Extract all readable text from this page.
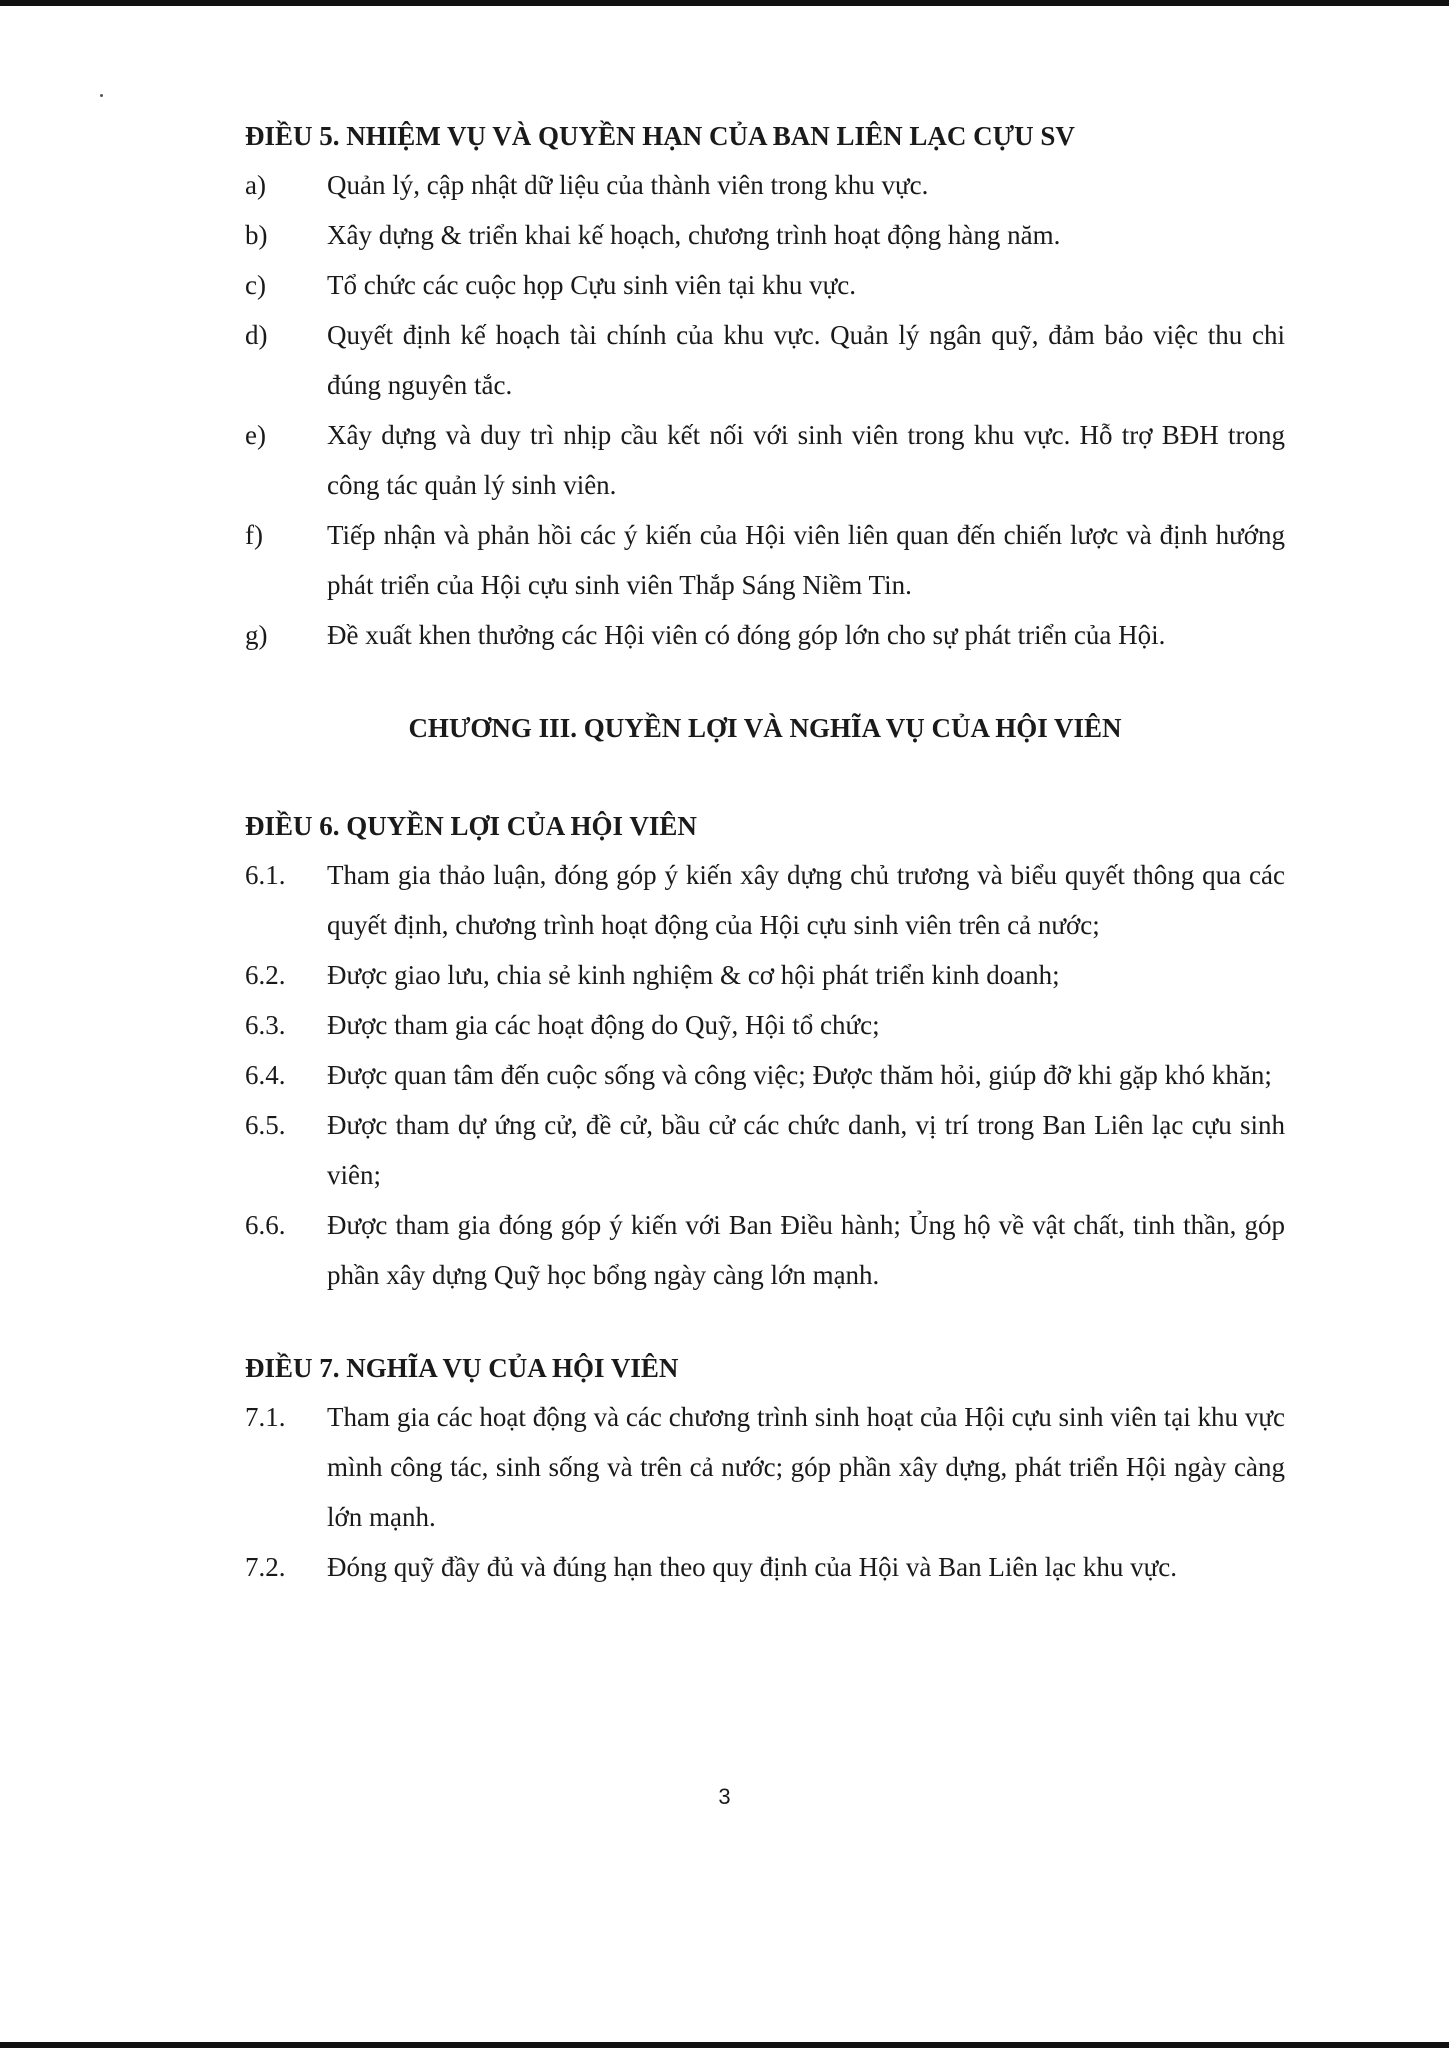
ĐIỀU 5. NHIỆM VỤ VÀ QUYỀN HẠN CỦA BAN LIÊN LẠC CỰU SV
a)	Quản lý, cập nhật dữ liệu của thành viên trong khu vực.
b)	Xây dựng & triển khai kế hoạch, chương trình hoạt động hàng năm.
c)	Tổ chức các cuộc họp Cựu sinh viên tại khu vực.
d)	Quyết định kế hoạch tài chính của khu vực. Quản lý ngân quỹ, đảm bảo việc thu chi đúng nguyên tắc.
e)	Xây dựng và duy trì nhịp cầu kết nối với sinh viên trong khu vực. Hỗ trợ BĐH trong công tác quản lý sinh viên.
f)	Tiếp nhận và phản hồi các ý kiến của Hội viên liên quan đến chiến lược và định hướng phát triển của Hội cựu sinh viên Thắp Sáng Niềm Tin.
g)	Đề xuất khen thưởng các Hội viên có đóng góp lớn cho sự phát triển của Hội.
CHƯƠNG III. QUYỀN LỢI VÀ NGHĨA VỤ CỦA HỘI VIÊN
ĐIỀU 6. QUYỀN LỢI CỦA HỘI VIÊN
6.1.	Tham gia thảo luận, đóng góp ý kiến xây dựng chủ trương và biểu quyết thông qua các quyết định, chương trình hoạt động của Hội cựu sinh viên trên cả nước;
6.2.	Được giao lưu, chia sẻ kinh nghiệm & cơ hội phát triển kinh doanh;
6.3.	Được tham gia các hoạt động do Quỹ, Hội tổ chức;
6.4.	Được quan tâm đến cuộc sống và công việc; Được thăm hỏi, giúp đỡ khi gặp khó khăn;
6.5.	Được tham dự ứng cử, đề cử, bầu cử các chức danh, vị trí trong Ban Liên lạc cựu sinh viên;
6.6.	Được tham gia đóng góp ý kiến với Ban Điều hành; Ủng hộ về vật chất, tinh thần, góp phần xây dựng Quỹ học bổng ngày càng lớn mạnh.
ĐIỀU 7. NGHĨA VỤ CỦA HỘI VIÊN
7.1.	Tham gia các hoạt động và các chương trình sinh hoạt của Hội cựu sinh viên tại khu vực mình công tác, sinh sống và trên cả nước; góp phần xây dựng, phát triển Hội ngày càng lớn mạnh.
7.2.	Đóng quỹ đầy đủ và đúng hạn theo quy định của Hội và Ban Liên lạc khu vực.
3
